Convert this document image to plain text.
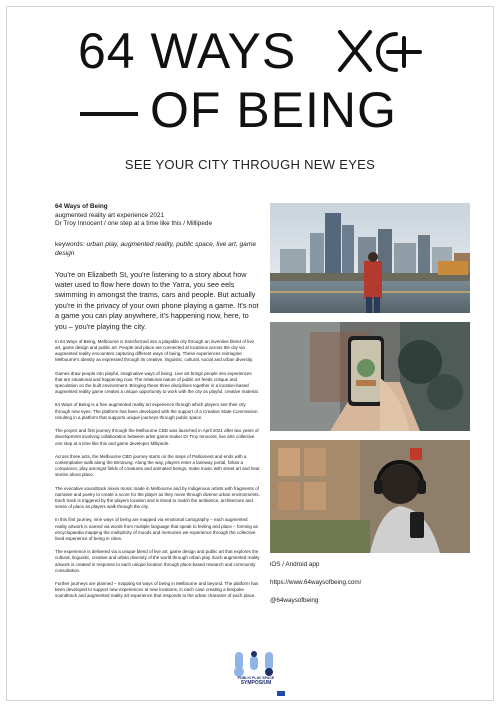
64 WAYS
OF BEING
SEE YOUR CITY THROUGH NEW EYES
64 Ways of Being
augmented reality art experience 2021
Dr Troy Innocent / one step at a time like this / Millipede
keywords: urban play, augmented reality, public space, live art, game design
You're on Elizabeth St, you're listening to a story about how water used to flow here down to the Yarra, you see eels swimming in amongst the trams, cars and people. But actually you're in the privacy of your own phone playing a game. It's not a game you can play anywhere, it's happening now, here, to you – you're playing the city.
In 64 Ways of Being, Melbourne is transformed into a playable city through an inventive blend of live art, game design and public art. People and place are connected at locations across the city via augmented reality encounters capturing different ways of being. These experiences reimagine Melbourne's identity as expressed through its creative, linguistic, cultural, social and urban diversity.
Games draw people into playful, imaginative ways of being. Live art brings people into experiences that are situational and happening now. The relational nature of public art feeds critique and speculation on the built environment. Bringing these three disciplines together in a location-based augmented reality game creates a unique opportunity to work with the city as playful, creative material.
64 Ways of Being is a free augmented reality art experience through which players see their city through new eyes. The platform has been developed with the support of a Creative State Commission resulting in a platform that supports unique journeys through public space.
The project and first journey through the Melbourne CBD was launched in April 2021 after two years of development involving collaboration between artist game-maker Dr Troy Innocent, live arts collective one step at a time like this and game developer Millipede.
Across three acts, the Melbourne CBD journey starts on the steps of Parliament and ends with a contemplative walk along the Birrarung. Along the way, players enter a laneway portal, follow a companion, play amongst fields of creatures and animated beings, make music with street art and hear stories about place.
The evocative soundtrack mixes music made in Melbourne and by Indigenous artists with fragments of narrative and poetry to create a score for the player as they move through diverse urban environments. Each track is triggered by the players location and is timed to match the ambience, architecture and sense of place as players walk through the city.
In this first journey, nine ways of being are mapped via emotional cartography – each augmented reality artwork is named via words from multiple language that speak to feeling and place – forming an encyclopaedia mapping the multiplicity of moods and memories we experience through the collective lived experience of being in cities.
The experience is delivered via a unique blend of live art, game design and public art that explores the cultural, linguistic, creative and urban diversity of the world through urban play. Each augmented reality artwork is created in response to each unique location through place-based research and community consultation.
Further journeys are planned – mapping 64 ways of being in Melbourne and beyond. The platform has been developed to support new experiences at new locations, in each case creating a bespoke soundtrack and augmented reality art experience that responds to the urban character of each place.
iOS / Android app
https://www.64waysofbeing.com/
@64waysofbeing
PUBLIC PLAY SPACE
SYMPOSIUM
